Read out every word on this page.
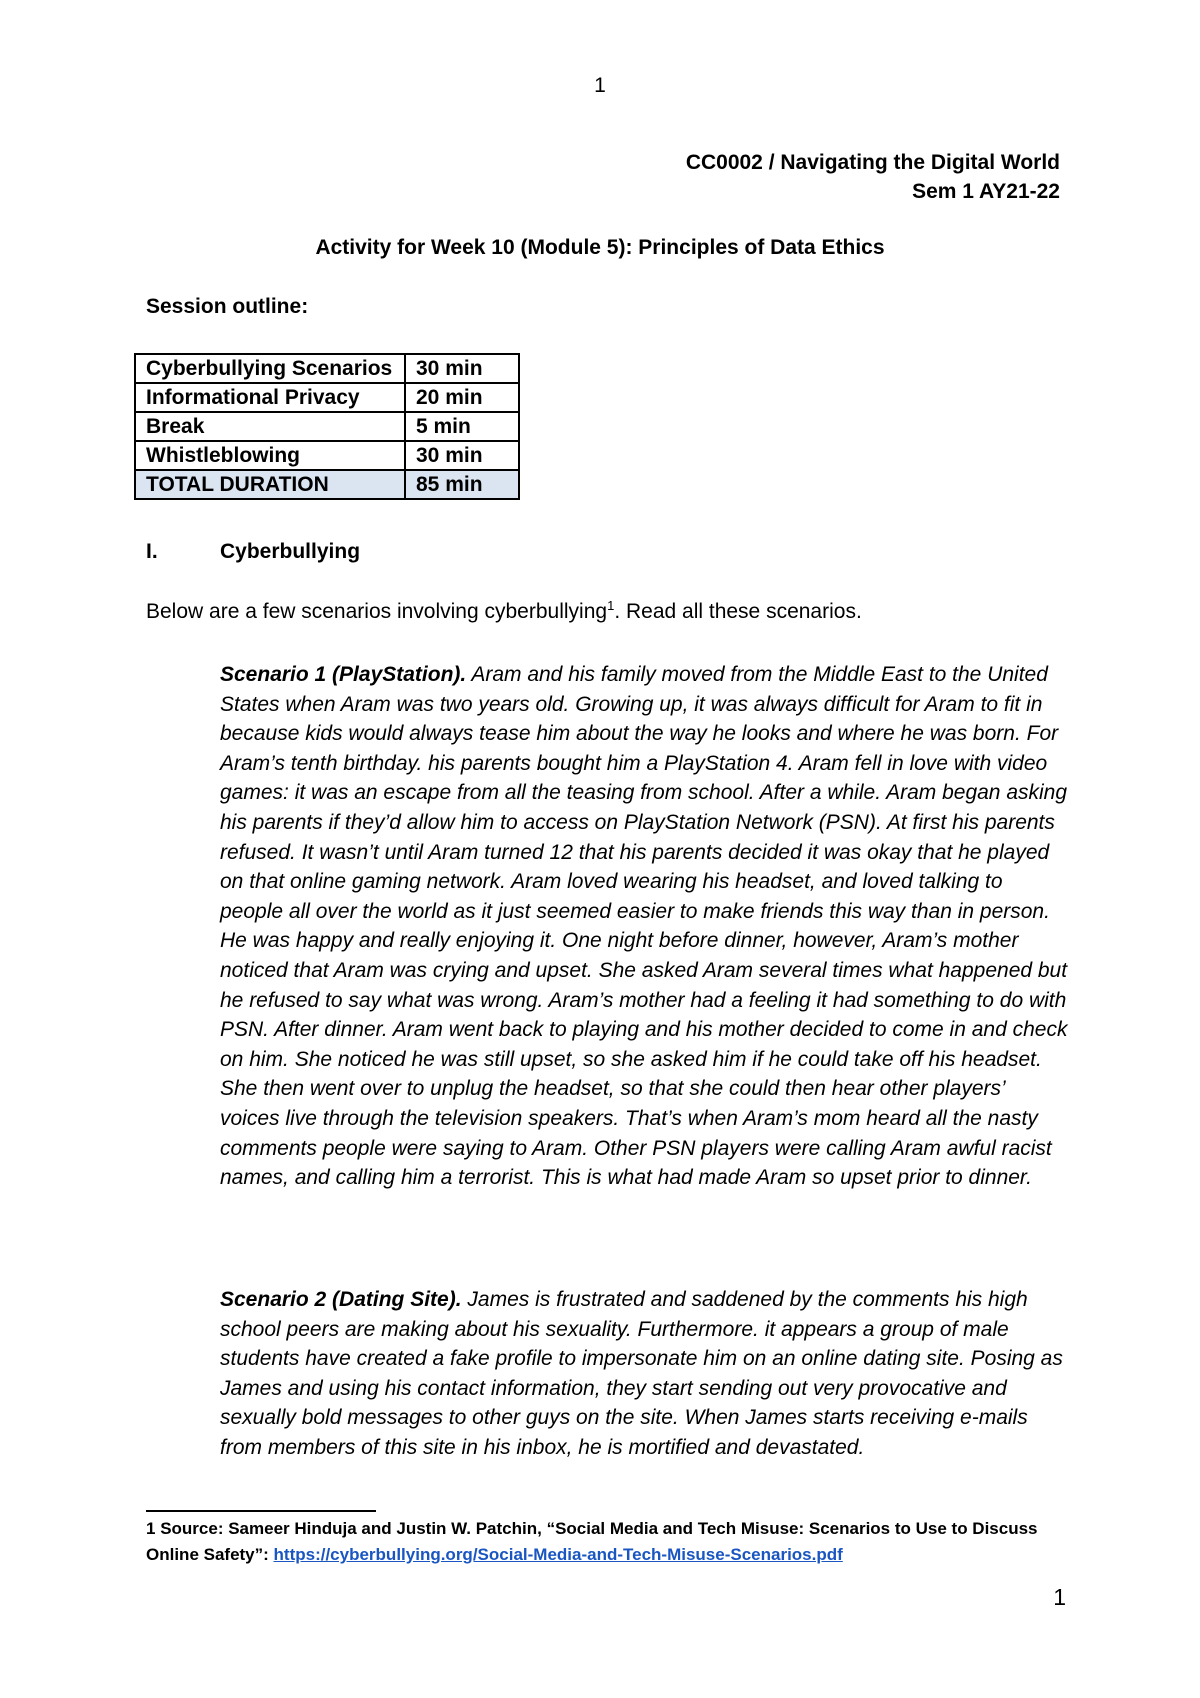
1
CC0002 / Navigating the Digital World
Sem 1 AY21-22
Activity for Week 10 (Module 5): Principles of Data Ethics
Session outline:
Cyberbullying Scenarios	30 min
Informational Privacy	20 min
Break	5 min
Whistleblowing	30 min
TOTAL DURATION	85 min
I.	Cyberbullying
Below are a few scenarios involving cyberbullying$^1$. Read all these scenarios.
Scenario 1 (PlayStation). Aram and his family moved from the Middle East to the United States when Aram was two years old. Growing up, it was always difficult for Aram to fit in because kids would always tease him about the way he looks and where he was born. For Aram’s tenth birthday. his parents bought him a PlayStation 4. Aram fell in love with video games: it was an escape from all the teasing from school. After a while. Aram began asking his parents if they’d allow him to access on PlayStation Network (PSN). At first his parents refused. It wasn’t until Aram turned 12 that his parents decided it was okay that he played on that online gaming network. Aram loved wearing his headset, and loved talking to people all over the world as it just seemed easier to make friends this way than in person. He was happy and really enjoying it. One night before dinner, however, Aram’s mother noticed that Aram was crying and upset. She asked Aram several times what happened but he refused to say what was wrong. Aram’s mother had a feeling it had something to do with PSN. After dinner. Aram went back to playing and his mother decided to come in and check on him. She noticed he was still upset, so she asked him if he could take off his headset. She then went over to unplug the headset, so that she could then hear other players’ voices live through the television speakers. That’s when Aram’s mom heard all the nasty comments people were saying to Aram. Other PSN players were calling Aram awful racist names, and calling him a terrorist. This is what had made Aram so upset prior to dinner.
Scenario 2 (Dating Site). James is frustrated and saddened by the comments his high school peers are making about his sexuality. Furthermore. it appears a group of male students have created a fake profile to impersonate him on an online dating site. Posing as James and using his contact information, they start sending out very provocative and sexually bold messages to other guys on the site. When James starts receiving e-mails from members of this site in his inbox, he is mortified and devastated.
1 Source: Sameer Hinduja and Justin W. Patchin, “Social Media and Tech Misuse: Scenarios to Use to Discuss Online Safety”: https://cyberbullying.org/Social-Media-and-Tech-Misuse-Scenarios.pdf
1
